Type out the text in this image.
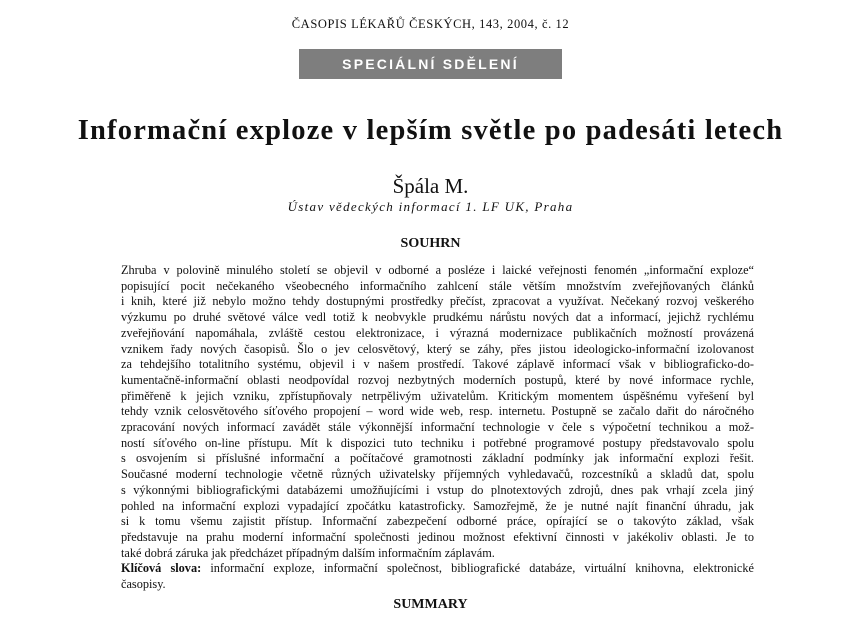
ČASOPIS LÉKAŘŮ ČESKÝCH, 143, 2004, č. 12
SPECIÁLNÍ SDĚLENÍ
Informační exploze v lepším světle po padesáti letech
Špála M.
Ústav vědeckých informací 1. LF UK, Praha
SOUHRN
Zhruba v polovině minulého století se objevil v odborné a posléze i laické veřejnosti fenomén „informační exploze“
popisující pocit nečekaného všeobecného informačního zahlcení stále větším množstvím zveřejňovaných článků
i knih, které již nebylo možno tehdy dostupnými prostředky přečíst, zpracovat a využívat. Nečekaný rozvoj veškerého
výzkumu po druhé světové válce vedl totiž k neobvykle prudkému nárůstu nových dat a informací, jejichž rychlému
zveřejňování napomáhala, zvláště cestou elektronizace, i výrazná modernizace publikačních možností provázená
vznikem řady nových časopisů. Šlo o jev celosvětový, který se záhy, přes jistou ideologicko-informační izolovanost
za tehdejšího totalitního systému, objevil i v našem prostředí. Takové záplavě informací však v bibliograficko-do-
kumentačně-informační oblasti neodpovídal rozvoj nezbytných moderních postupů, které by nové informace rychle,
přiměřeně k jejich vzniku, zpřístupňovaly netrpělivým uživatelům. Kritickým momentem úspěšnému vyřešení byl
tehdy vznik celosvětového síťového propojení – word wide web, resp. internetu. Postupně se začalo dařit do náročného
zpracování nových informací zavádět stále výkonnější informační technologie v čele s výpočetní technikou a mož-
ností síťového on-line přístupu. Mít k dispozici tuto techniku i potřebné programové postupy představovalo spolu
s osvojením si příslušné informační a počítačové gramotnosti základní podmínky jak informační explozi řešit.
Současné moderní technologie včetně různých uživatelsky příjemných vyhledavačů, rozcestníků a skladů dat, spolu
s výkonnými bibliografickými databázemi umožňujícími i vstup do plnotextových zdrojů, dnes pak vrhají zcela jiný
pohled na informační explozi vypadající zpočátku katastroficky. Samozřejmě, že je nutné najít finanční úhradu, jak
si k tomu všemu zajistit přístup. Informační zabezpečení odborné práce, opírající se o takovýto základ, však
představuje na prahu moderní informační společnosti jedinou možnost efektivní činnosti v jakékoliv oblasti. Je to
také dobrá záruka jak předcházet případným dalším informačním záplavám.
Klíčová slova: informační exploze, informační společnost, bibliografické databáze, virtuální knihovna, elektronické
časopisy.
SUMMARY
